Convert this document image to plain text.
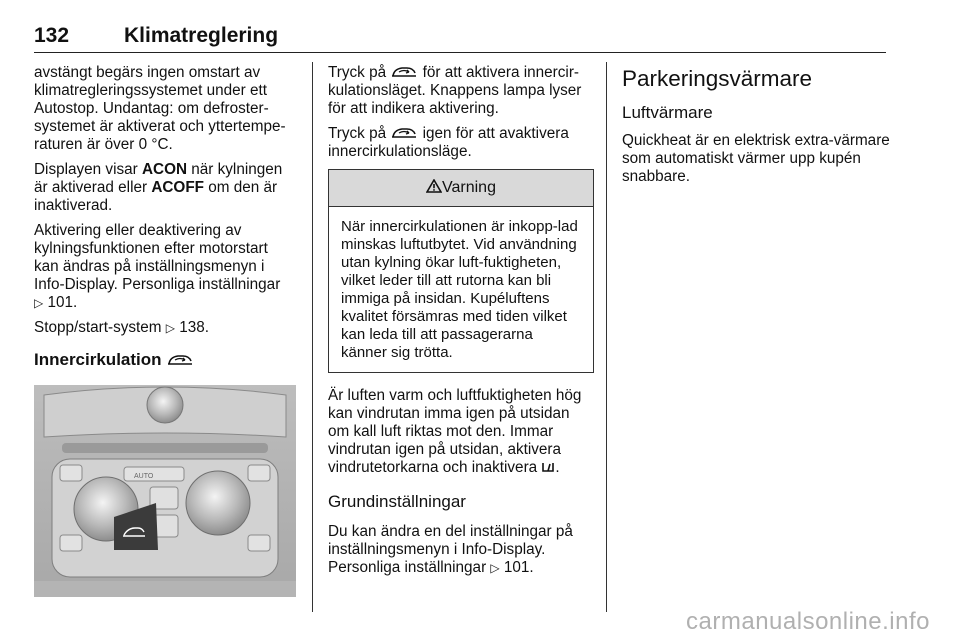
132	Klimatreglering

avstängt begärs ingen omstart av klimatregleringssystemet under ett Autostop. Undantag: om defroster-systemet är aktiverat och yttertempe-raturen är över 0 °C.

Displayen visar ACON när kylningen är aktiverad eller ACOFF om den är inaktiverad.

Aktivering eller deaktivering av kylningsfunktionen efter motorstart kan ändras på inställningsmenyn i Info-Display. Personliga inställningar
▷ 101.

Stopp/start-system ▷ 138.

Innercirkulation
AUTO

Tryck på  för att aktivera innercir-kulationsläget. Knappens lampa lyser för att indikera aktivering.

Tryck på  igen för att avaktivera innercirkulationsläge.

Varning
När innercirkulationen är inkopp-lad minskas luftutbytet. Vid användning utan kylning ökar luft-fuktigheten, vilket leder till att rutorna kan bli immiga på insidan. Kupéluftens kvalitet försämras med tiden vilket kan leda till att passagerarna känner sig trötta.

Är luften varm och luftfuktigheten hög kan vindrutan imma igen på utsidan om kall luft riktas mot den. Immar vindrutan igen på utsidan, aktivera vindrutetorkarna och inaktivera .

Grundinställningar

Du kan ändra en del inställningar på inställningsmenyn i Info-Display. Personliga inställningar ▷ 101.

Parkeringsvärmare
Luftvärmare

Quickheat är en elektrisk extra-värmare som automatiskt värmer upp kupén snabbare.

carmanualsonline.info
